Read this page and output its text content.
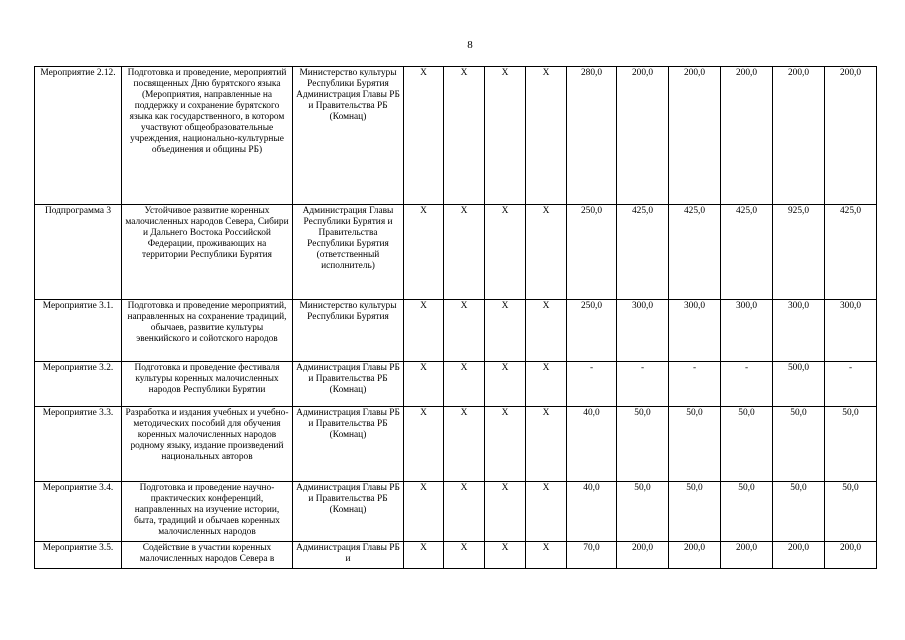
8
Мероприятие 2.12.	Подготовка и проведение, мероприятий посвященных Дню бурятского языка (Мероприятия, направленные на поддержку и сохранение бурятского языка как государственного, в котором участвуют общеобразовательные учреждения, национально-культурные объединения и общины РБ)	Министерство культуры Республики Бурятия Администрация Главы РБ и Правительства РБ (Комнац)	Х	Х	Х	Х	280,0	200,0	200,0	200,0	200,0	200,0
Подпрограмма 3	Устойчивое развитие коренных малочисленных народов Севера, Сибири и Дальнего Востока Российской Федерации, проживающих на территории Республики Бурятия	Администрация Главы Республики Бурятия и Правительства Республики Бурятия (ответственный исполнитель)	Х	Х	Х	Х	250,0	425,0	425,0	425,0	925,0	425,0
Мероприятие 3.1.	Подготовка и проведение мероприятий, направленных на сохранение традиций, обычаев, развитие культуры эвенкийского и сойотского народов	Министерство культуры Республики Бурятия	Х	Х	Х	Х	250,0	300,0	300,0	300,0	300,0	300,0
Мероприятие 3.2.	Подготовка и проведение фестиваля культуры коренных малочисленных народов Республики Бурятии	Администрация Главы РБ и Правительства РБ (Комнац)	Х	Х	Х	Х	-	-	-	-	500,0	-
Мероприятие 3.3.	Разработка и издания учебных и учебно-методических пособий для обучения коренных малочисленных народов родному языку, издание произведений национальных авторов	Администрация Главы РБ и Правительства РБ (Комнац)	Х	Х	Х	Х	40,0	50,0	50,0	50,0	50,0	50,0
Мероприятие 3.4.	Подготовка и проведение научно-практических конференций, направленных на изучение истории, быта, традиций и обычаев коренных малочисленных народов	Администрация Главы РБ и Правительства РБ (Комнац)	Х	Х	Х	Х	40,0	50,0	50,0	50,0	50,0	50,0
Мероприятие 3.5.	Содействие в участии коренных малочисленных народов Севера в	Администрация Главы РБ и	Х	Х	Х	Х	70,0	200,0	200,0	200,0	200,0	200,0
